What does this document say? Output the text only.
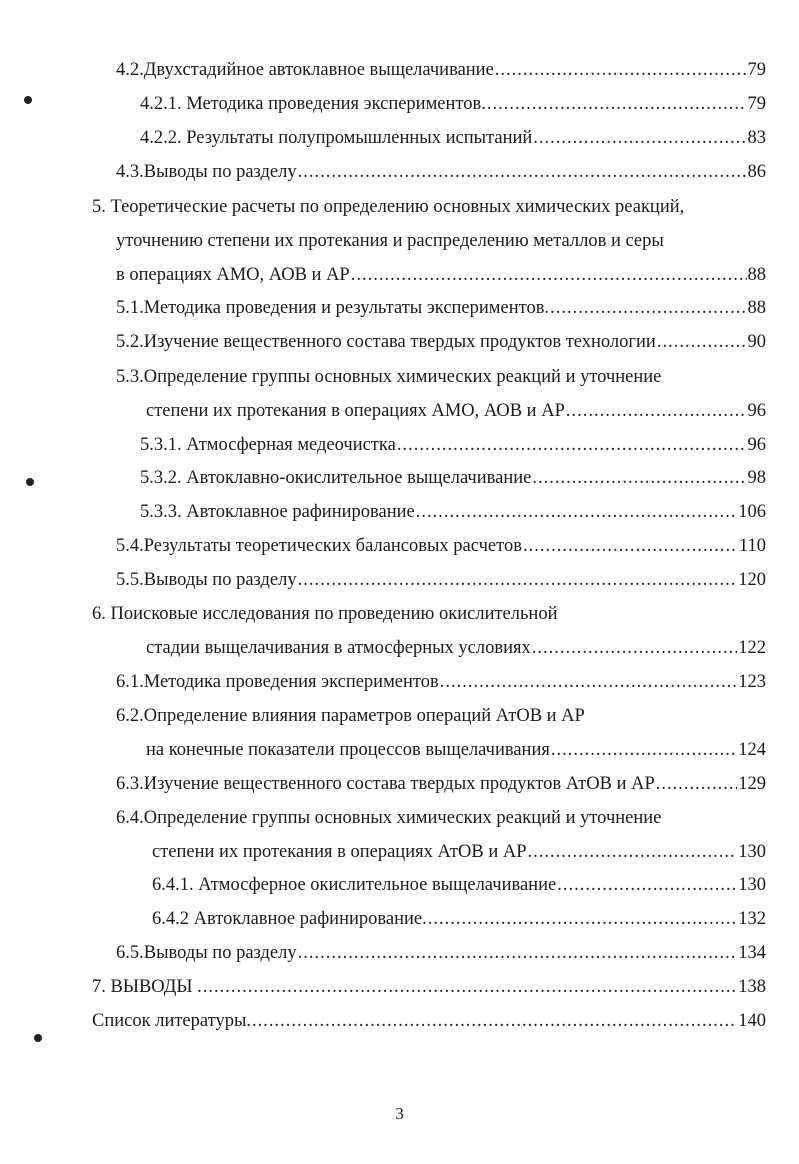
4.2.Двухстадийное автоклавное выщелачивание .....	79
4.2.1. Методика проведения экспериментов. .....	79
4.2.2. Результаты полупромышленных испытаний .....	83
4.3.Выводы по разделу .....	86
5. Теоретические расчеты по определению основных химических реакций,
уточнению степени их протекания и распределению металлов и серы
в операциях АМО, АОВ и АР .....	88
5.1.Методика проведения и результаты экспериментов. .....	88
5.2.Изучение вещественного состава твердых продуктов технологии .....	90
5.3.Определение группы основных химических реакций и уточнение
степени их протекания в операциях АМО, АОВ и АР .....	96
5.3.1. Атмосферная медеочистка .....	96
5.3.2. Автоклавно-окислительное выщелачивание .....	98
5.3.3. Автоклавное рафинирование .....	106
5.4.Результаты теоретических балансовых расчетов .....	110
5.5.Выводы по разделу .....	120
6. Поисковые исследования по проведению окислительной
стадии выщелачивания в атмосферных условиях .....	122
6.1.Методика проведения экспериментов .....	123
6.2.Определение влияния параметров операций АтОВ и АР
на конечные показатели процессов выщелачивания .....	124
6.3.Изучение вещественного состава твердых продуктов АтОВ и АР .....	129
6.4.Определение группы основных химических реакций и уточнение
степени их протекания в операциях АтОВ и АР .....	130
6.4.1. Атмосферное окислительное выщелачивание .....	130
6.4.2 Автоклавное рафинирование. .....	132
6.5.Выводы по разделу .....	134
7. ВЫВОДЫ . .....	138
Список литературы. .....	140
3
